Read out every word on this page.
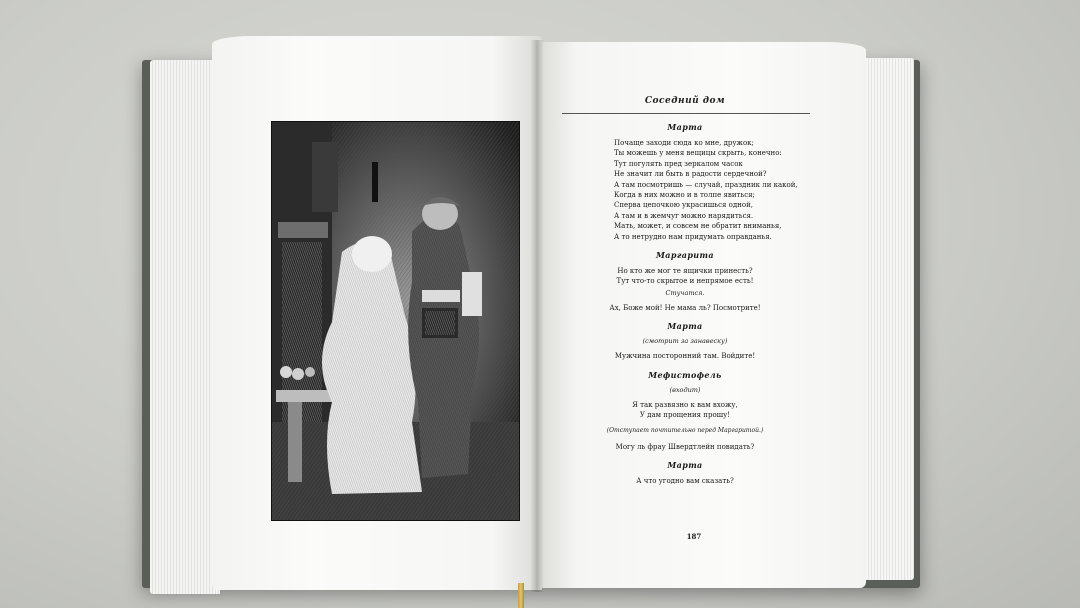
Соседний дом
Марта
Почаще заходи сюда ко мне, дружок;
Ты можешь у меня вещицы скрыть, конечно:
Тут погулять пред зеркалом часок
Не значит ли быть в радости сердечной?
А там посмотришь — случай, праздник ли какой,
Когда в них можно и в толпе явиться;
Сперва цепочкою украсишься одной,
А там и в жемчуг можно нарядиться.
Мать, может, и совсем не обратит вниманья,
А то нетрудно нам придумать оправданья.
Маргарита
Но кто же мог те ящички принесть?
Тут что-то скрытое и непрямое есть!
Стучатся.
Ах, Боже мой! Не мама ль? Посмотрите!
Марта
(смотрит за занавеску)
Мужчина посторонний там. Войдите!
Мефистофель
(входит)
Я так развязно к вам вхожу,
У дам прощения прошу!
(Отступает почтительно перед Маргаритой.)
Могу ль фрау Швердтлейн повидать?
Марта
А что угодно вам сказать?
187
